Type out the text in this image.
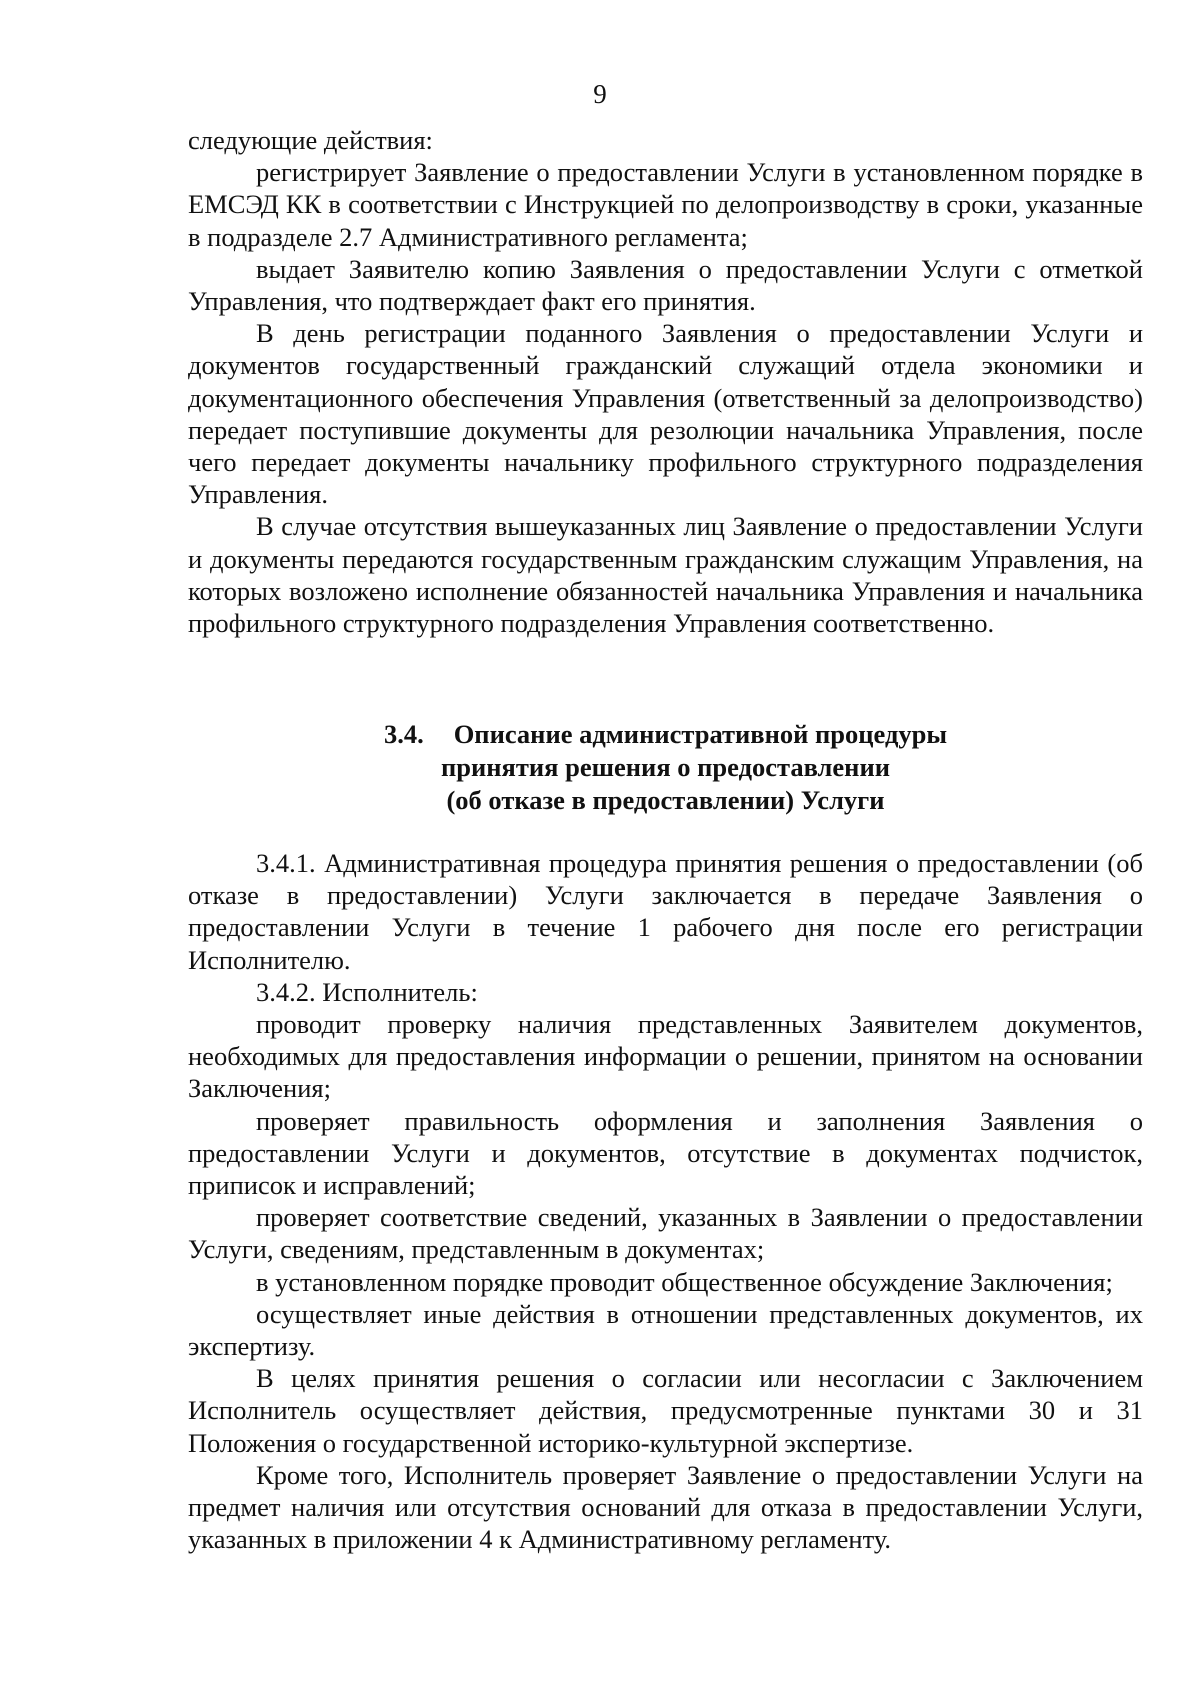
9

следующие действия:

регистрирует Заявление о предоставлении Услуги в установленном порядке в ЕМСЭД КК в соответствии с Инструкцией по делопроизводству в сроки, указанные в подразделе 2.7 Административного регламента;

выдает Заявителю копию Заявления о предоставлении Услуги с отметкой Управления, что подтверждает факт его принятия.

В день регистрации поданного Заявления о предоставлении Услуги и документов государственный гражданский служащий отдела экономики и документационного обеспечения Управления (ответственный за делопроизводство) передает поступившие документы для резолюции начальника Управления, после чего передает документы начальнику профильного структурного подразделения Управления.

В случае отсутствия вышеуказанных лиц Заявление о предоставлении Услуги и документы передаются государственным гражданским служащим Управления, на которых возложено исполнение обязанностей начальника Управления и начальника профильного структурного подразделения Управления соответственно.

3.4. Описание административной процедуры
принятия решения о предоставлении
(об отказе в предоставлении) Услуги

3.4.1. Административная процедура принятия решения о предоставлении (об отказе в предоставлении) Услуги заключается в передаче Заявления о предоставлении Услуги в течение 1 рабочего дня после его регистрации Исполнителю.

3.4.2. Исполнитель:

проводит проверку наличия представленных Заявителем документов, необходимых для предоставления информации о решении, принятом на основании Заключения;

проверяет правильность оформления и заполнения Заявления о предоставлении Услуги и документов, отсутствие в документах подчисток, приписок и исправлений;

проверяет соответствие сведений, указанных в Заявлении о предоставлении Услуги, сведениям, представленным в документах;

в установленном порядке проводит общественное обсуждение Заключения;

осуществляет иные действия в отношении представленных документов, их экспертизу.

В целях принятия решения о согласии или несогласии с Заключением Исполнитель осуществляет действия, предусмотренные пунктами 30 и 31 Положения о государственной историко-культурной экспертизе.

Кроме того, Исполнитель проверяет Заявление о предоставлении Услуги на предмет наличия или отсутствия оснований для отказа в предоставлении Услуги, указанных в приложении 4 к Административному регламенту.
